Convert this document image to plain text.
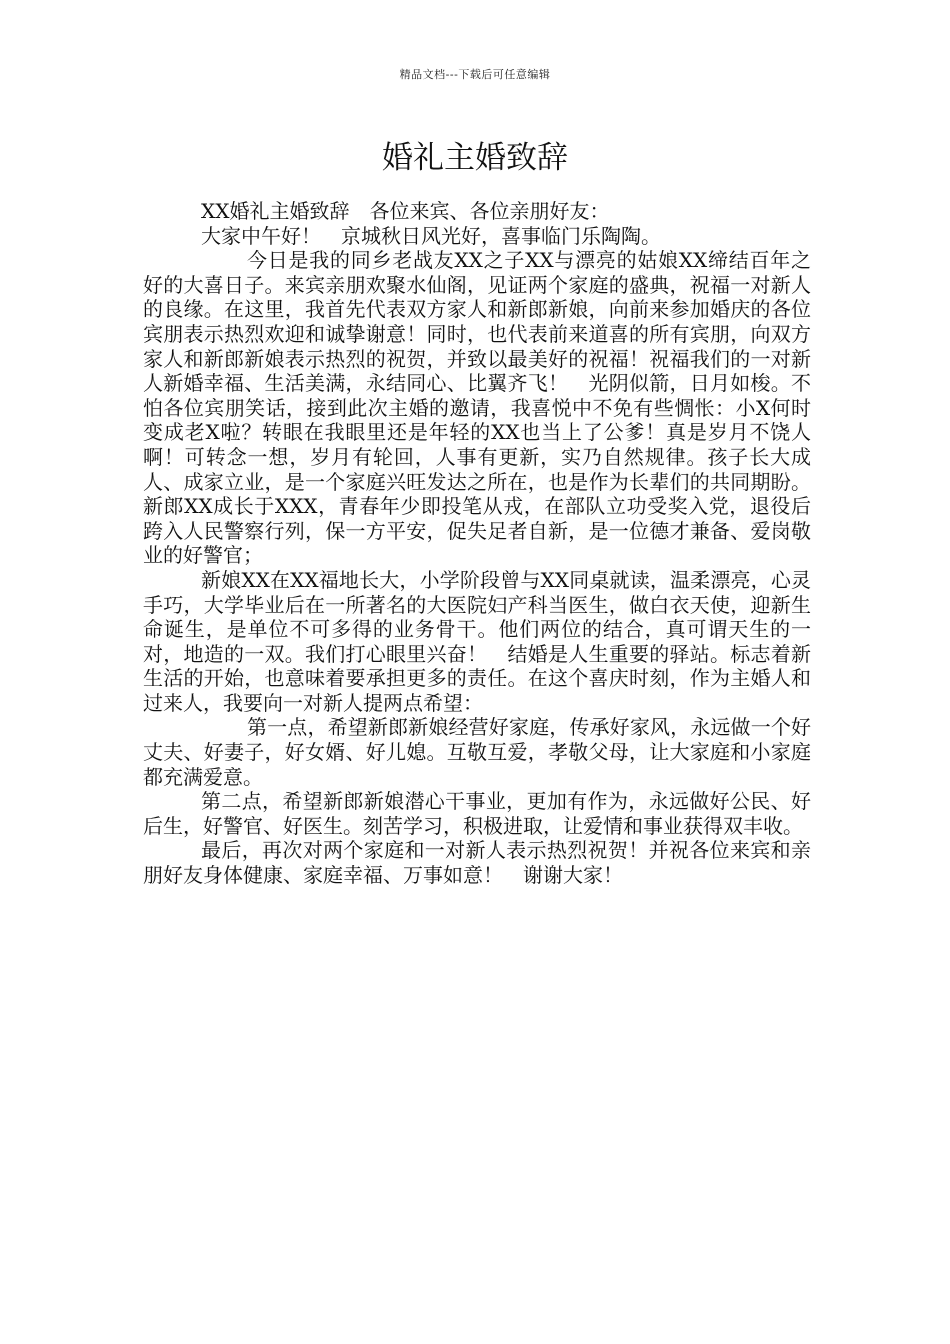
精品文档---下载后可任意编辑
婚礼主婚致辞

XX婚礼主婚致辞　各位来宾、各位亲朋好友：

大家中午好！　京城秋日风光好，喜事临门乐陶陶。

今日是我的同乡老战友XX之子XX与漂亮的姑娘XX缔结百年之好的大喜日子。来宾亲朋欢聚水仙阁，见证两个家庭的盛典，祝福一对新人的良缘。在这里，我首先代表双方家人和新郎新娘，向前来参加婚庆的各位宾朋表示热烈欢迎和诚挚谢意！同时，也代表前来道喜的所有宾朋，向双方家人和新郎新娘表示热烈的祝贺，并致以最美好的祝福！祝福我们的一对新人新婚幸福、生活美满，永结同心、比翼齐飞！　光阴似箭，日月如梭。不怕各位宾朋笑话，接到此次主婚的邀请，我喜悦中不免有些惆怅：小X何时变成老X啦？转眼在我眼里还是年轻的XX也当上了公爹！真是岁月不饶人啊！可转念一想，岁月有轮回，人事有更新，实乃自然规律。孩子长大成人、成家立业，是一个家庭兴旺发达之所在，也是作为长辈们的共同期盼。新郎XX成长于XXX，青春年少即投笔从戎，在部队立功受奖入党，退役后跨入人民警察行列，保一方平安，促失足者自新，是一位德才兼备、爱岗敬业的好警官；

新娘XX在XX福地长大，小学阶段曾与XX同桌就读，温柔漂亮，心灵手巧，大学毕业后在一所著名的大医院妇产科当医生，做白衣天使，迎新生命诞生，是单位不可多得的业务骨干。他们两位的结合，真可谓天生的一对，地造的一双。我们打心眼里兴奋！　结婚是人生重要的驿站。标志着新生活的开始，也意味着要承担更多的责任。在这个喜庆时刻，作为主婚人和过来人，我要向一对新人提两点希望：

第一点，希望新郎新娘经营好家庭，传承好家风，永远做一个好丈夫、好妻子，好女婿、好儿媳。互敬互爱，孝敬父母，让大家庭和小家庭都充满爱意。

第二点，希望新郎新娘潜心干事业，更加有作为，永远做好公民、好后生，好警官、好医生。刻苦学习，积极进取，让爱情和事业获得双丰收。

最后，再次对两个家庭和一对新人表示热烈祝贺！并祝各位来宾和亲朋好友身体健康、家庭幸福、万事如意！　谢谢大家！
